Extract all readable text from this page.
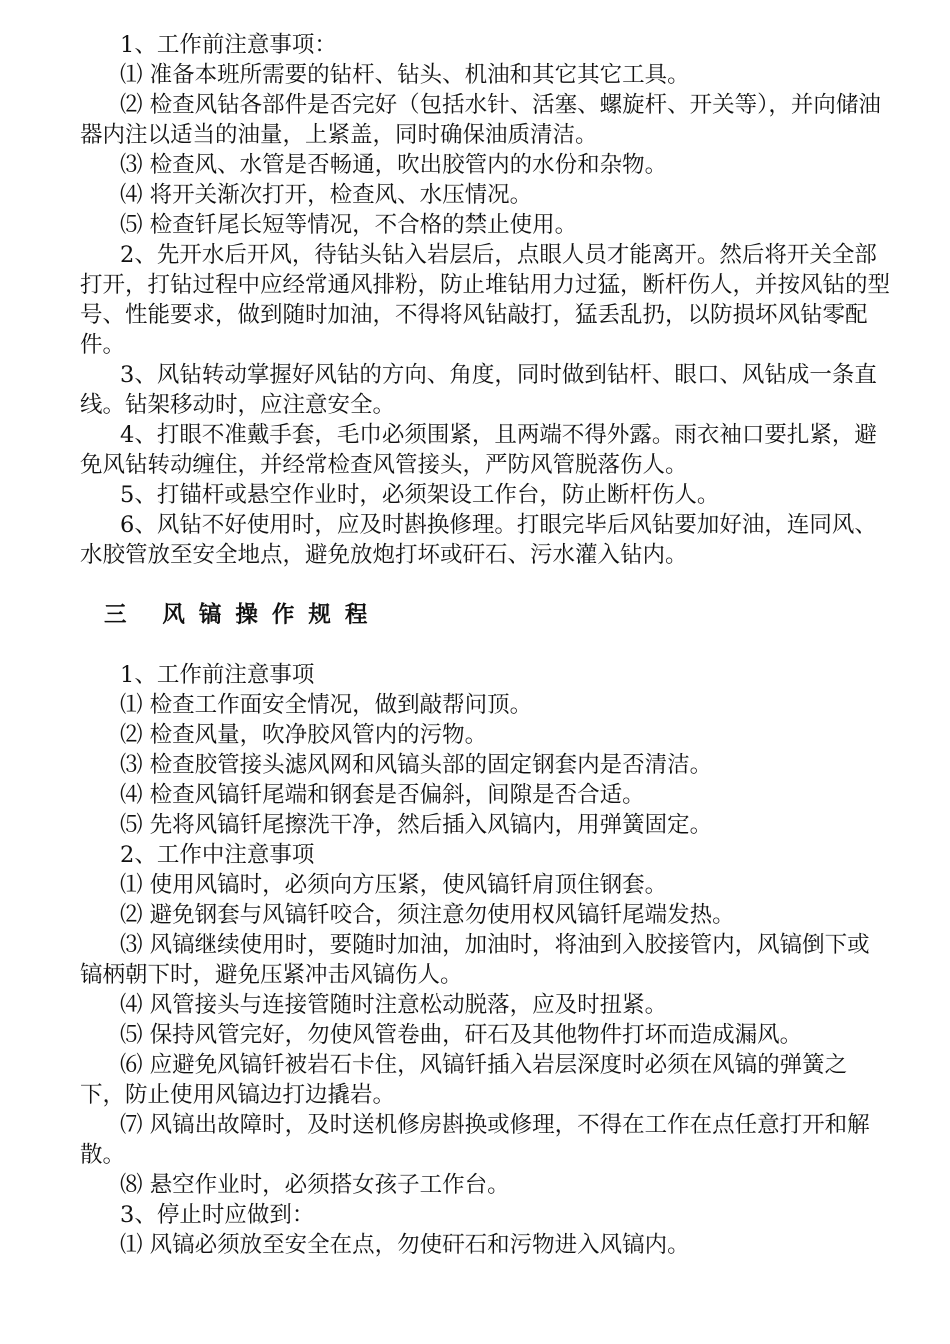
1、工作前注意事项：

⑴ 准备本班所需要的钻杆、钻头、机油和其它其它工具。

⑵ 检查风钻各部件是否完好（包括水针、活塞、螺旋杆、开关等），并向储油器内注以适当的油量，上紧盖，同时确保油质清洁。

⑶ 检查风、水管是否畅通，吹出胶管内的水份和杂物。

⑷ 将开关渐次打开，检查风、水压情况。

⑸ 检查钎尾长短等情况，不合格的禁止使用。

2、先开水后开风，待钻头钻入岩层后，点眼人员才能离开。然后将开关全部打开，打钻过程中应经常通风排粉，防止堆钻用力过猛，断杆伤人，并按风钻的型号、性能要求，做到随时加油，不得将风钻敲打，猛丢乱扔，以防损坏风钻零配件。

3、风钻转动掌握好风钻的方向、角度，同时做到钻杆、眼口、风钻成一条直线。钻架移动时，应注意安全。

4、打眼不准戴手套，毛巾必须围紧，且两端不得外露。雨衣袖口要扎紧，避免风钻转动缠住，并经常检查风管接头，严防风管脱落伤人。

5、打锚杆或悬空作业时，必须架设工作台，防止断杆伤人。

6、风钻不好使用时，应及时斟换修理。打眼完毕后风钻要加好油，连同风、水胶管放至安全地点，避免放炮打坏或矸石、污水灌入钻内。

三 风镐操作规程

1、工作前注意事项

⑴ 检查工作面安全情况，做到敲帮问顶。

⑵ 检查风量，吹净胶风管内的污物。

⑶ 检查胶管接头滤风网和风镐头部的固定钢套内是否清洁。

⑷ 检查风镐钎尾端和钢套是否偏斜，间隙是否合适。

⑸ 先将风镐钎尾擦洗干净，然后插入风镐内，用弹簧固定。

2、工作中注意事项

⑴ 使用风镐时，必须向方压紧，使风镐钎肩顶住钢套。

⑵ 避免钢套与风镐钎咬合，须注意勿使用权风镐钎尾端发热。

⑶ 风镐继续使用时，要随时加油，加油时，将油到入胶接管内，风镐倒下或镐柄朝下时，避免压紧冲击风镐伤人。

⑷ 风管接头与连接管随时注意松动脱落，应及时扭紧。

⑸ 保持风管完好，勿使风管卷曲，矸石及其他物件打坏而造成漏风。

⑹ 应避免风镐钎被岩石卡住，风镐钎插入岩层深度时必须在风镐的弹簧之下，防止使用风镐边打边撬岩。

⑺ 风镐出故障时，及时送机修房斟换或修理，不得在工作在点任意打开和解散。

⑻ 悬空作业时，必须搭女孩子工作台。

3、停止时应做到：

⑴ 风镐必须放至安全在点，勿使矸石和污物进入风镐内。
